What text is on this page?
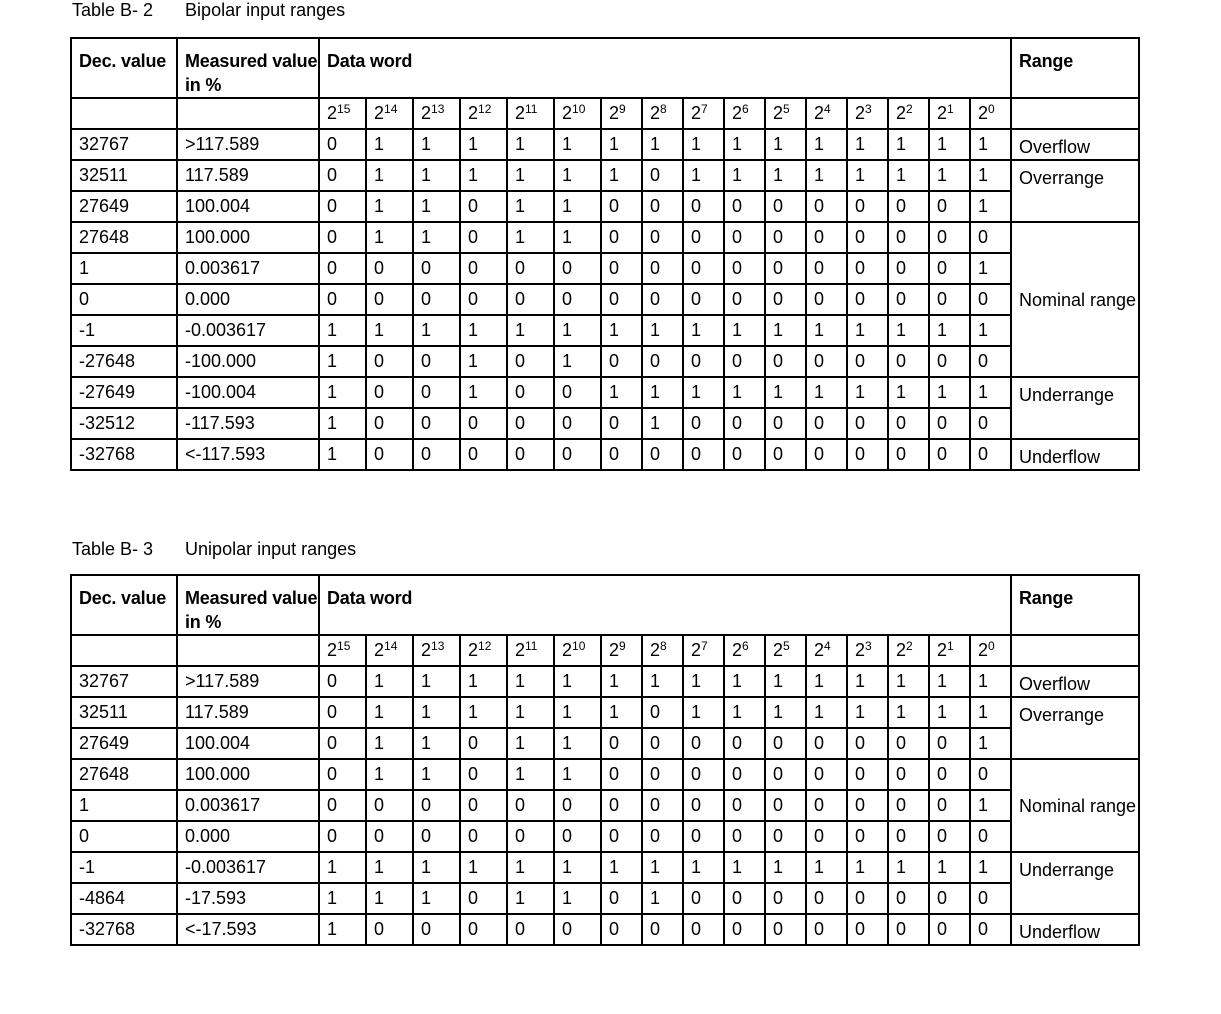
Table B- 2 Bipolar input ranges
Dec. value	Measured value in %	Data word																Range
		$2^{15}$	$2^{14}$	$2^{13}$	$2^{12}$	$2^{11}$	$2^{10}$	$2^9$	$2^8$	$2^7$	$2^6$	$2^5$	$2^4$	$2^3$	$2^2$	$2^1$	$2^0$	
32767	>117.589	0	1	1	1	1	1	1	1	1	1	1	1	1	1	1	1	Overflow
32511	117.589	0	1	1	1	1	1	1	0	1	1	1	1	1	1	1	1	Overrange
27649	100.004	0	1	1	0	1	1	0	0	0	0	0	0	0	0	0	1	
27648	100.000	0	1	1	0	1	1	0	0	0	0	0	0	0	0	0	0	Nominal range
1	0.003617	0	0	0	0	0	0	0	0	0	0	0	0	0	0	0	1	
0	0.000	0	0	0	0	0	0	0	0	0	0	0	0	0	0	0	0	
-1	-0.003617	1	1	1	1	1	1	1	1	1	1	1	1	1	1	1	1	
-27648	-100.000	1	0	0	1	0	1	0	0	0	0	0	0	0	0	0	0	
-27649	-100.004	1	0	0	1	0	0	1	1	1	1	1	1	1	1	1	1	Underrange
-32512	-117.593	1	0	0	0	0	0	0	1	0	0	0	0	0	0	0	0	
-32768	<-117.593	1	0	0	0	0	0	0	0	0	0	0	0	0	0	0	0	Underflow
Table B- 3 Unipolar input ranges
Dec. value	Measured value in %	Data word																Range
		$2^{15}$	$2^{14}$	$2^{13}$	$2^{12}$	$2^{11}$	$2^{10}$	$2^9$	$2^8$	$2^7$	$2^6$	$2^5$	$2^4$	$2^3$	$2^2$	$2^1$	$2^0$	
32767	>117.589	0	1	1	1	1	1	1	1	1	1	1	1	1	1	1	1	Overflow
32511	117.589	0	1	1	1	1	1	1	0	1	1	1	1	1	1	1	1	Overrange
27649	100.004	0	1	1	0	1	1	0	0	0	0	0	0	0	0	0	1	
27648	100.000	0	1	1	0	1	1	0	0	0	0	0	0	0	0	0	0	Nominal range
1	0.003617	0	0	0	0	0	0	0	0	0	0	0	0	0	0	0	1	
0	0.000	0	0	0	0	0	0	0	0	0	0	0	0	0	0	0	0	
-1	-0.003617	1	1	1	1	1	1	1	1	1	1	1	1	1	1	1	1	Underrange
-4864	-17.593	1	1	1	0	1	1	0	1	0	0	0	0	0	0	0	0	
-32768	<-17.593	1	0	0	0	0	0	0	0	0	0	0	0	0	0	0	0	Underflow
